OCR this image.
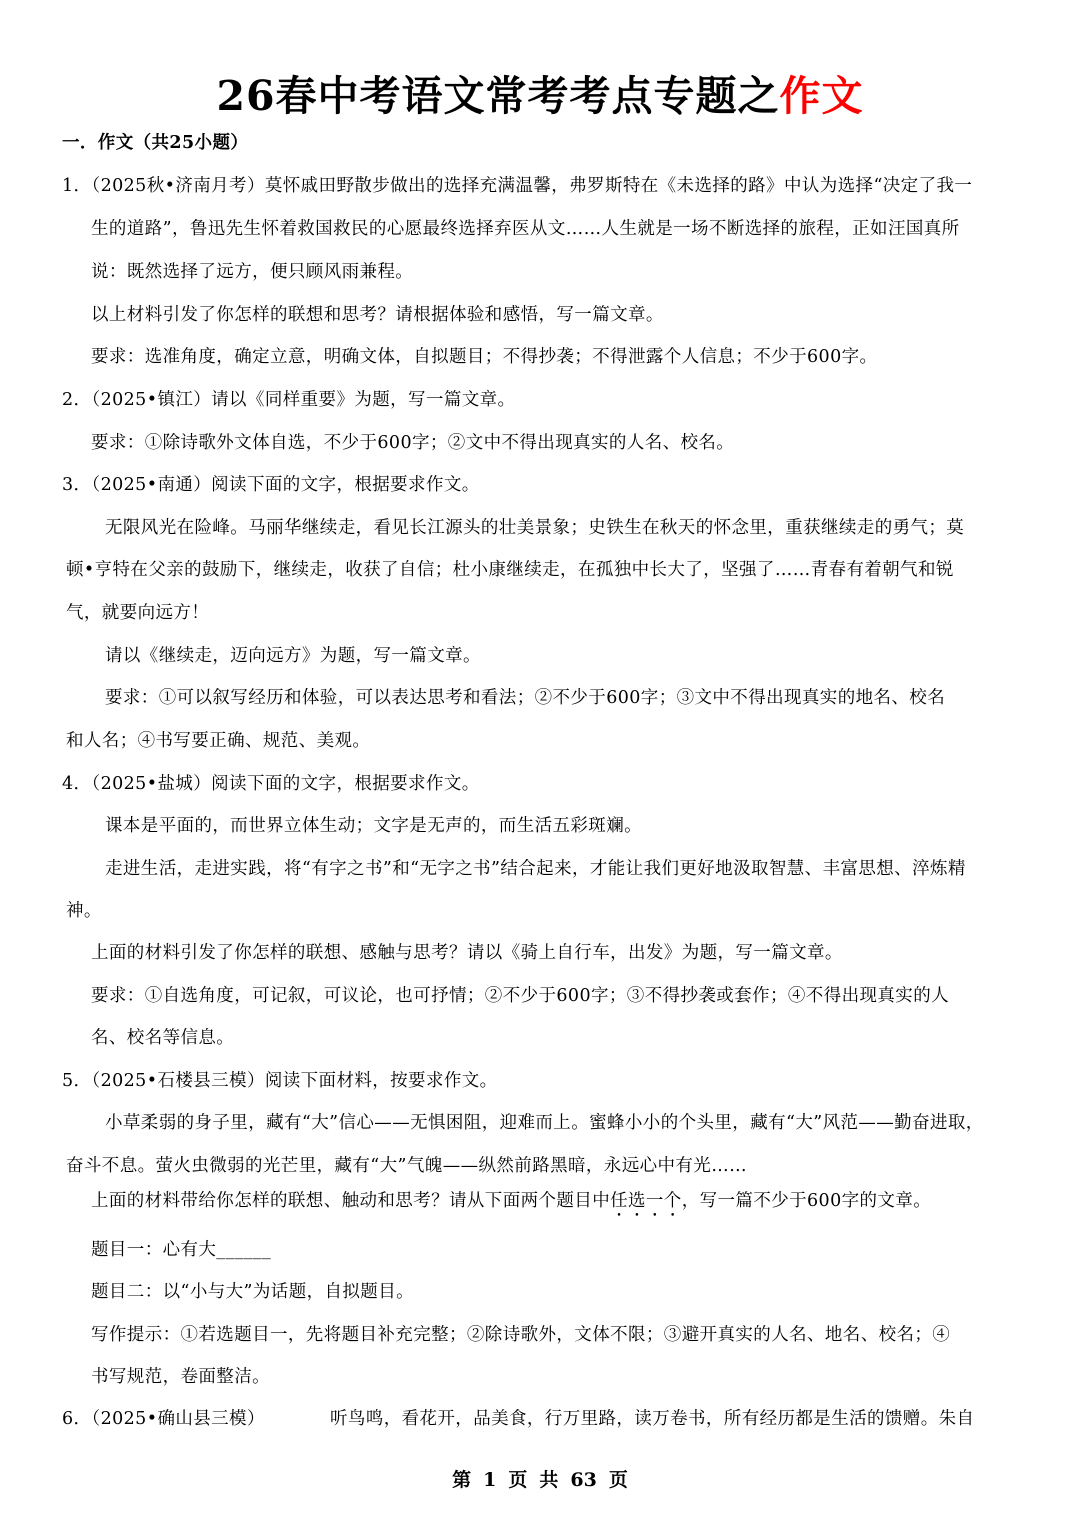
26春中考语文常考考点专题之作文
一．作文（共25小题）
1．（2025秋•济南月考）莫怀戚田野散步做出的选择充满温馨，弗罗斯特在《未选择的路》中认为选择“决定了我一
生的道路”，鲁迅先生怀着救国救民的心愿最终选择弃医从文……人生就是一场不断选择的旅程，正如汪国真所
说：既然选择了远方，便只顾风雨兼程。
以上材料引发了你怎样的联想和思考？请根据体验和感悟，写一篇文章。
要求：选准角度，确定立意，明确文体，自拟题目；不得抄袭；不得泄露个人信息；不少于600字。
2．（2025•镇江）请以《同样重要》为题，写一篇文章。
要求：①除诗歌外文体自选，不少于600字；②文中不得出现真实的人名、校名。
3．（2025•南通）阅读下面的文字，根据要求作文。
无限风光在险峰。马丽华继续走，看见长江源头的壮美景象；史铁生在秋天的怀念里，重获继续走的勇气；莫
顿•亨特在父亲的鼓励下，继续走，收获了自信；杜小康继续走，在孤独中长大了，坚强了……青春有着朝气和锐
气，就要向远方！
请以《继续走，迈向远方》为题，写一篇文章。
要求：①可以叙写经历和体验，可以表达思考和看法；②不少于600字；③文中不得出现真实的地名、校名
和人名；④书写要正确、规范、美观。
4．（2025•盐城）阅读下面的文字，根据要求作文。
课本是平面的，而世界立体生动；文字是无声的，而生活五彩斑斓。
走进生活，走进实践，将“有字之书”和“无字之书”结合起来，才能让我们更好地汲取智慧、丰富思想、淬炼精
神。
上面的材料引发了你怎样的联想、感触与思考？请以《骑上自行车，出发》为题，写一篇文章。
要求：①自选角度，可记叙，可议论，也可抒情；②不少于600字；③不得抄袭或套作；④不得出现真实的人
名、校名等信息。
5．（2025•石楼县三模）阅读下面材料，按要求作文。
小草柔弱的身子里，藏有“大”信心——无惧困阻，迎难而上。蜜蜂小小的个头里，藏有“大”风范——勤奋进取，
奋斗不息。萤火虫微弱的光芒里，藏有“大”气魄——纵然前路黑暗，永远心中有光……
上面的材料带给你怎样的联想、触动和思考？请从下面两个题目中任选一个，写一篇不少于600字的文章。
题目一：心有大______
题目二：以“小与大”为话题，自拟题目。
写作提示：①若选题目一，先将题目补充完整；②除诗歌外，文体不限；③避开真实的人名、地名、校名；④
书写规范，卷面整洁。
6．（2025•确山县三模）	听鸟鸣，看花开，品美食，行万里路，读万卷书，所有经历都是生活的馈赠。朱自
第 1 页 共 63 页
